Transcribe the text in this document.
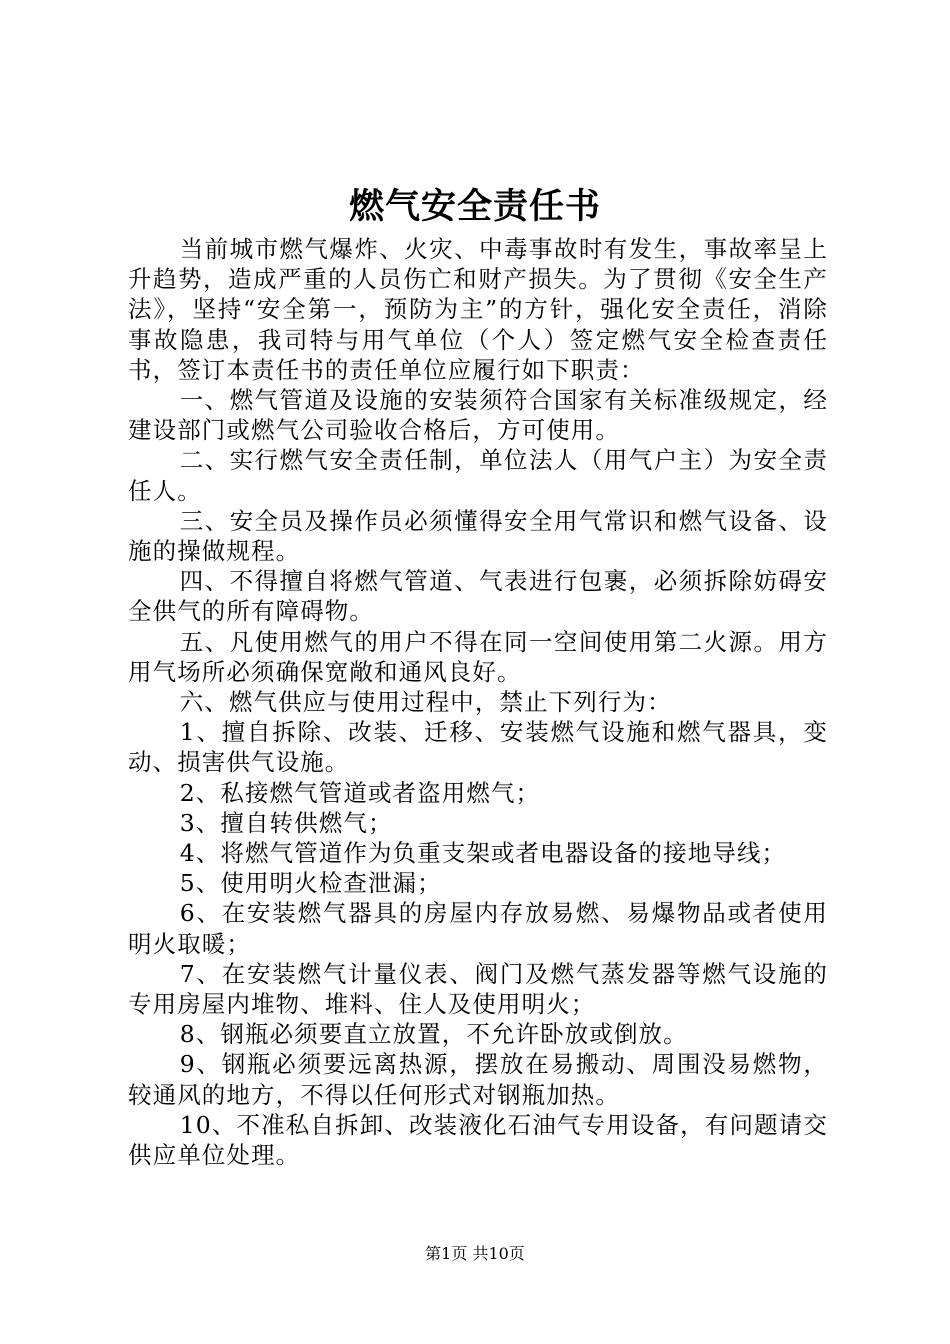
燃气安全责任书

当前城市燃气爆炸、火灾、中毒事故时有发生，事故率呈上升趋势，造成严重的人员伤亡和财产损失。为了贯彻《安全生产法》，坚持“安全第一，预防为主”的方针，强化安全责任，消除事故隐患，我司特与用气单位（个人）签定燃气安全检查责任书，签订本责任书的责任单位应履行如下职责：

一、燃气管道及设施的安装须符合国家有关标准级规定，经建设部门或燃气公司验收合格后，方可使用。

二、实行燃气安全责任制，单位法人（用气户主）为安全责任人。

三、安全员及操作员必须懂得安全用气常识和燃气设备、设施的操做规程。

四、不得擅自将燃气管道、气表进行包裹，必须拆除妨碍安全供气的所有障碍物。

五、凡使用燃气的用户不得在同一空间使用第二火源。用方用气场所必须确保宽敞和通风良好。

六、燃气供应与使用过程中，禁止下列行为：

1、擅自拆除、改装、迁移、安装燃气设施和燃气器具，变动、损害供气设施。

2、私接燃气管道或者盗用燃气；

3、擅自转供燃气；

4、将燃气管道作为负重支架或者电器设备的接地导线；

5、使用明火检查泄漏；

6、在安装燃气器具的房屋内存放易燃、易爆物品或者使用明火取暖；

7、在安装燃气计量仪表、阀门及燃气蒸发器等燃气设施的专用房屋内堆物、堆料、住人及使用明火；

8、钢瓶必须要直立放置，不允许卧放或倒放。

9、钢瓶必须要远离热源，摆放在易搬动、周围没易燃物，较通风的地方，不得以任何形式对钢瓶加热。

10、不准私自拆卸、改装液化石油气专用设备，有问题请交供应单位处理。

第1页 共10页
